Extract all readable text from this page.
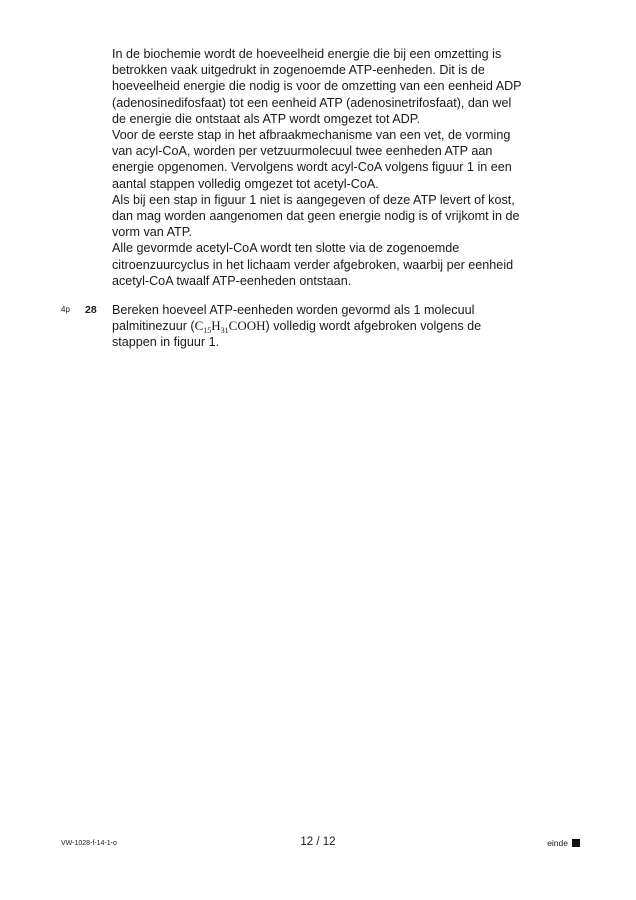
In de biochemie wordt de hoeveelheid energie die bij een omzetting is
betrokken vaak uitgedrukt in zogenoemde ATP-eenheden. Dit is de
hoeveelheid energie die nodig is voor de omzetting van een eenheid ADP
(adenosinedifosfaat) tot een eenheid ATP (adenosinetrifosfaat), dan wel
de energie die ontstaat als ATP wordt omgezet tot ADP.

Voor de eerste stap in het afbraakmechanisme van een vet, de vorming
van acyl-CoA, worden per vetzuurmolecuul twee eenheden ATP aan
energie opgenomen. Vervolgens wordt acyl-CoA volgens figuur 1 in een
aantal stappen volledig omgezet tot acetyl-CoA.

Als bij een stap in figuur 1 niet is aangegeven of deze ATP levert of kost,
dan mag worden aangenomen dat geen energie nodig is of vrijkomt in de
vorm van ATP.

Alle gevormde acetyl-CoA wordt ten slotte via de zogenoemde
citroenzuurcyclus in het lichaam verder afgebroken, waarbij per eenheid
acetyl-CoA twaalf ATP-eenheden ontstaan.

4p 28 Bereken hoeveel ATP-eenheden worden gevormd als 1 molecuul
palmitinezuur $(C_{15}H_{31}COOH)$ volledig wordt afgebroken volgens de
stappen in figuur 1.
VW-1028-f-14-1-o	12 / 12	einde
